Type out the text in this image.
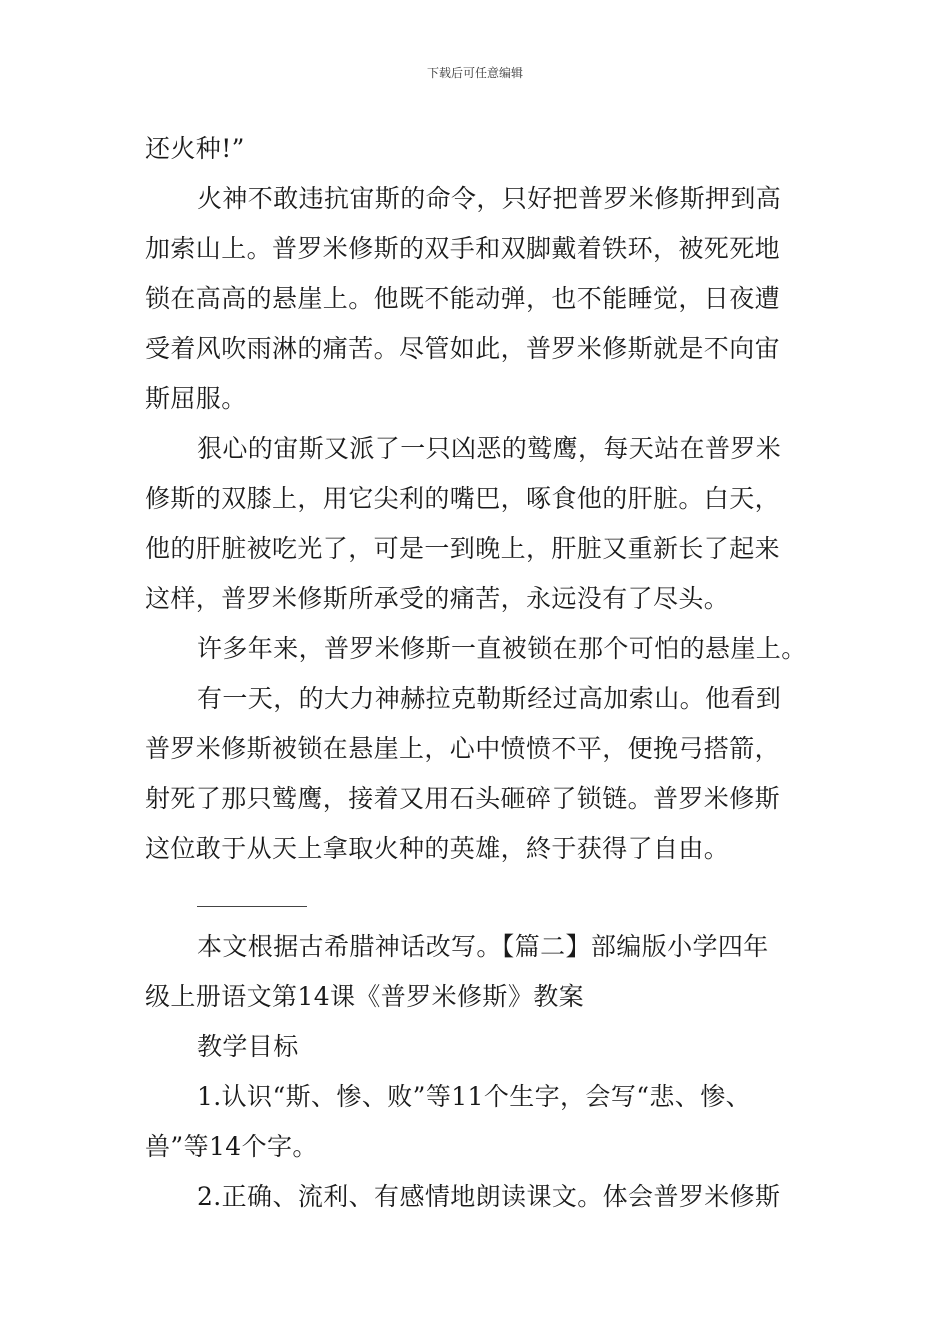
下载后可任意编辑
还火种!”
火神不敢违抗宙斯的命令，只好把普罗米修斯押到高
加索山上。普罗米修斯的双手和双脚戴着铁环，被死死地
锁在高高的悬崖上。他既不能动弹，也不能睡觉，日夜遭
受着风吹雨淋的痛苦。尽管如此，普罗米修斯就是不向宙
斯屈服。
狠心的宙斯又派了一只凶恶的鹫鹰，每天站在普罗米
修斯的双膝上，用它尖利的嘴巴，啄食他的肝脏。白天，
他的肝脏被吃光了，可是一到晚上，肝脏又重新长了起来
这样，普罗米修斯所承受的痛苦，永远没有了尽头。
许多年来，普罗米修斯一直被锁在那个可怕的悬崖上。
有一天，的大力神赫拉克勒斯经过高加索山。他看到
普罗米修斯被锁在悬崖上，心中愤愤不平，便挽弓搭箭，
射死了那只鹫鹰，接着又用石头砸碎了锁链。普罗米修斯
这位敢于从天上拿取火种的英雄，終于获得了自由。
本文根据古希腊神话改写。【篇二】部编版小学四年
级上册语文第14课《普罗米修斯》教案
教学目标
1.认识“斯、惨、败”等11个生字，会写“悲、惨、
兽”等14个字。
2.正确、流利、有感情地朗读课文。体会普罗米修斯
